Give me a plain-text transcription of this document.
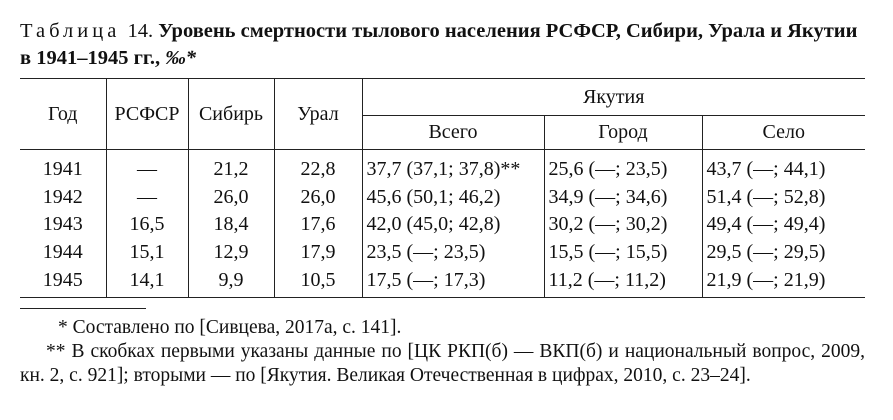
Таблица 14. Уровень смертности тылового населения РСФСР, Сибири, Урала и Якутии в 1941–1945 гг., ‰*
Год	РСФСР	Сибирь	Урал	Якутия		
				Всего	Город	Село
1941	—	21,2	22,8	37,7 (37,1; 37,8)**	25,6 (—; 23,5)	43,7 (—; 44,1)
1942	—	26,0	26,0	45,6 (50,1; 46,2)	34,9 (—; 34,6)	51,4 (—; 52,8)
1943	16,5	18,4	17,6	42,0 (45,0; 42,8)	30,2 (—; 30,2)	49,4 (—; 49,4)
1944	15,1	12,9	17,9	23,5 (—; 23,5)	15,5 (—; 15,5)	29,5 (—; 29,5)
1945	14,1	9,9	10,5	17,5 (—; 17,3)	11,2 (—; 11,2)	21,9 (—; 21,9)

* Составлено по [Сивцева, 2017а, с. 141].

** В скобках первыми указаны данные по [ЦК РКП(б) — ВКП(б) и национальный вопрос, 2009, кн. 2, с. 921]; вторыми — по [Якутия. Великая Отечественная в цифрах, 2010, с. 23–24].
